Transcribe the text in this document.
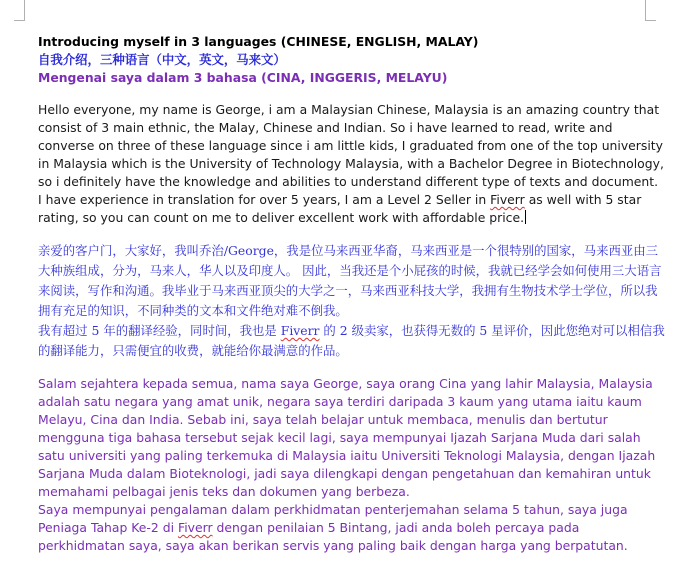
Introducing myself in 3 languages (CHINESE, ENGLISH, MALAY)
自我介绍，三种语言（中文，英文，马来文）
Mengenai saya dalam 3 bahasa (CINA, INGGERIS, MELAYU)

Hello everyone, my name is George, i am a Malaysian Chinese, Malaysia is an amazing country that consist of 3 main ethnic, the Malay, Chinese and Indian. So i have learned to read, write and converse on three of these language since i am little kids, I graduated from one of the top university in Malaysia which is the University of Technology Malaysia, with a Bachelor Degree in Biotechnology, so i definitely have the knowledge and abilities to understand different type of texts and document.

I have experience in translation for over 5 years, I am a Level 2 Seller in Fiverr as well with 5 star rating, so you can count on me to deliver excellent work with affordable price.

亲爱的客户门，大家好，我叫乔治/George，我是位马来西亚华裔，马来西亚是一个很特别的国家，马来西亚由三大种族组成，分为，马来人，华人以及印度人。 因此，当我还是个小屁孩的时候，我就已经学会如何使用三大语言来阅读，写作和沟通。我毕业于马来西亚顶尖的大学之一，马来西亚科技大学，我拥有生物技术学士学位，所以我拥有充足的知识，不同种类的文本和文件绝对难不倒我。

我有超过 5 年的翻译经验，同时间，我也是 Fiverr 的 2 级卖家，也获得无数的 5 星评价，因此您绝对可以相信我的翻译能力，只需便宜的收费，就能给你最满意的作品。

Salam sejahtera kepada semua, nama saya George, saya orang Cina yang lahir Malaysia, Malaysia adalah satu negara yang amat unik, negara saya terdiri daripada 3 kaum yang utama iaitu kaum Melayu, Cina dan India. Sebab ini, saya telah belajar untuk membaca, menulis dan bertutur mengguna tiga bahasa tersebut sejak kecil lagi, saya mempunyai Ijazah Sarjana Muda dari salah satu universiti yang paling terkemuka di Malaysia iaitu Universiti Teknologi Malaysia, dengan Ijazah Sarjana Muda dalam Bioteknologi, jadi saya dilengkapi dengan pengetahuan dan kemahiran untuk memahami pelbagai jenis teks dan dokumen yang berbeza.

Saya mempunyai pengalaman dalam perkhidmatan penterjemahan selama 5 tahun, saya juga Peniaga Tahap Ke-2 di Fiverr dengan penilaian 5 Bintang, jadi anda boleh percaya pada perkhidmatan saya, saya akan berikan servis yang paling baik dengan harga yang berpatutan.
